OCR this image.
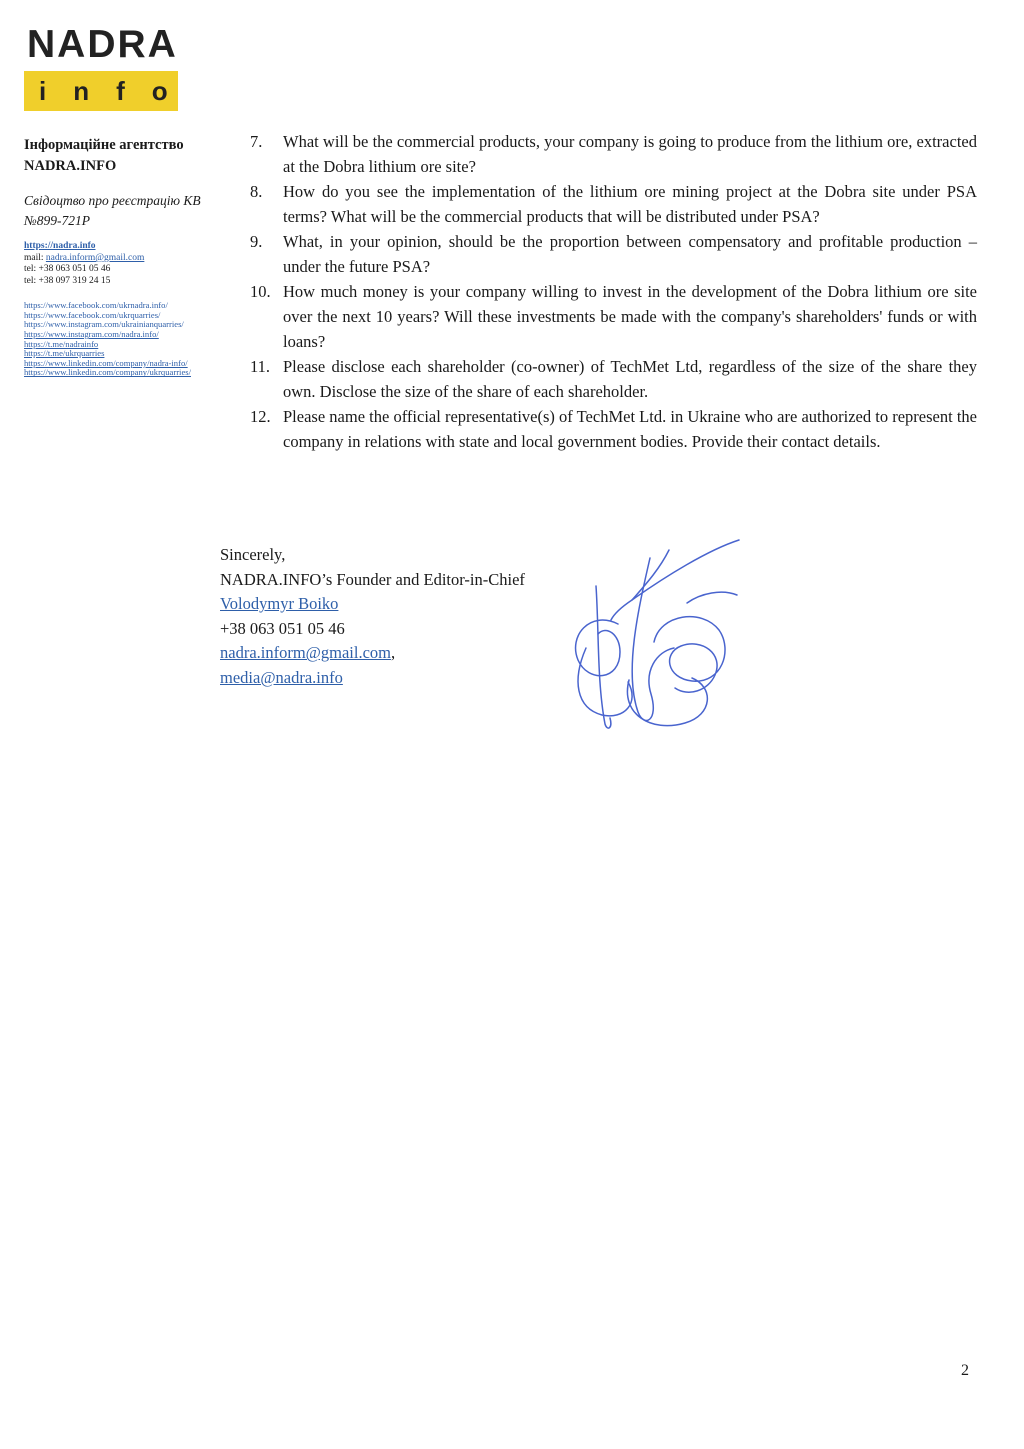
NADRA
info
Інформаційне агентство NADRA.INFO

Свідоцтво про реєстрацію КВ №899-721Р

https://nadra.info
mail: nadra.inform@gmail.com
tel: +38 063 051 05 46
tel: +38 097 319 24 15
https://www.facebook.com/ukrnadra.info/
https://www.facebook.com/ukrquarries/
https://www.instagram.com/ukrainianquarries/
https://www.instagram.com/nadra.info/
https://t.me/nadrainfo
https://t.me/ukrquarries
https://www.linkedin.com/company/nadra-info/
https://www.linkedin.com/company/ukrquarries/
7.	What will be the commercial products, your company is going to produce from the lithium ore, extracted at the Dobra lithium ore site?
8.	How do you see the implementation of the lithium ore mining project at the Dobra site under PSA terms? What will be the commercial products that will be distributed under PSA?
9.	What, in your opinion, should be the proportion between compensatory and profitable production – under the future PSA?
10. How much money is your company willing to invest in the development of the Dobra lithium ore site over the next 10 years? Will these investments be made with the company's shareholders' funds or with loans?
11. Please disclose each shareholder (co-owner) of TechMet Ltd, regardless of the size of the share they own. Disclose the size of the share of each shareholder.
12. Please name the official representative(s) of TechMet Ltd. in Ukraine who are authorized to represent the company in relations with state and local government bodies. Provide their contact details.
Sincerely,
NADRA.INFO’s Founder and Editor-in-Chief
Volodymyr Boiko
+38 063 051 05 46
nadra.inform@gmail.com,
media@nadra.info
2
